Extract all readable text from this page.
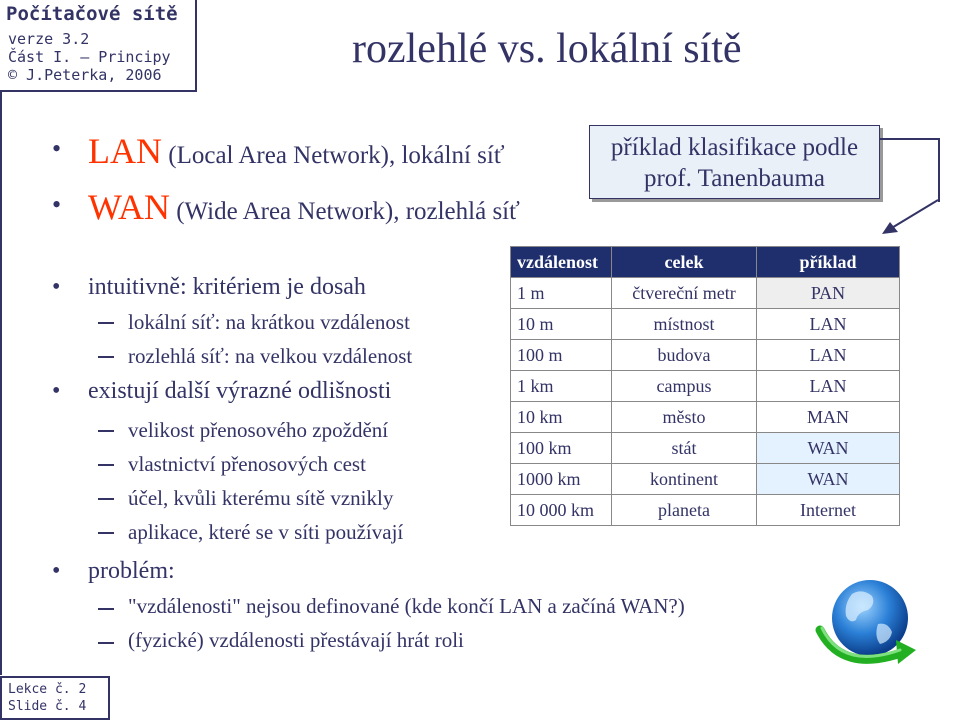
Počítačové sítě
verze 3.2
Část I. – Principy
© J.Peterka, 2006
rozlehlé vs. lokální sítě
• LAN (Local Area Network), lokální síť
• WAN (Wide Area Network), rozlehlá síť
příklad klasifikace podle
prof. Tanenbauma
• intuitivně: kritériem je dosah
lokální síť: na krátkou vzdálenost
rozlehlá síť: na velkou vzdálenost
• existují další výrazné odlišnosti
velikost přenosového zpoždění
vlastnictví přenosových cest
účel, kvůli kterému sítě vznikly
aplikace, které se v síti používají
• problém:
"vzdálenosti" nejsou definované (kde končí LAN a začíná WAN?)
(fyzické) vzdálenosti přestávají hrát roli
vzdálenost	celek	příklad
1 m	čtvereční metr	PAN
10 m	místnost	LAN
100 m	budova	LAN
1 km	campus	LAN
10 km	město	MAN
100 km	stát	WAN
1000 km	kontinent	WAN
10 000 km	planeta	Internet
Lekce č. 2
Slide č. 4
